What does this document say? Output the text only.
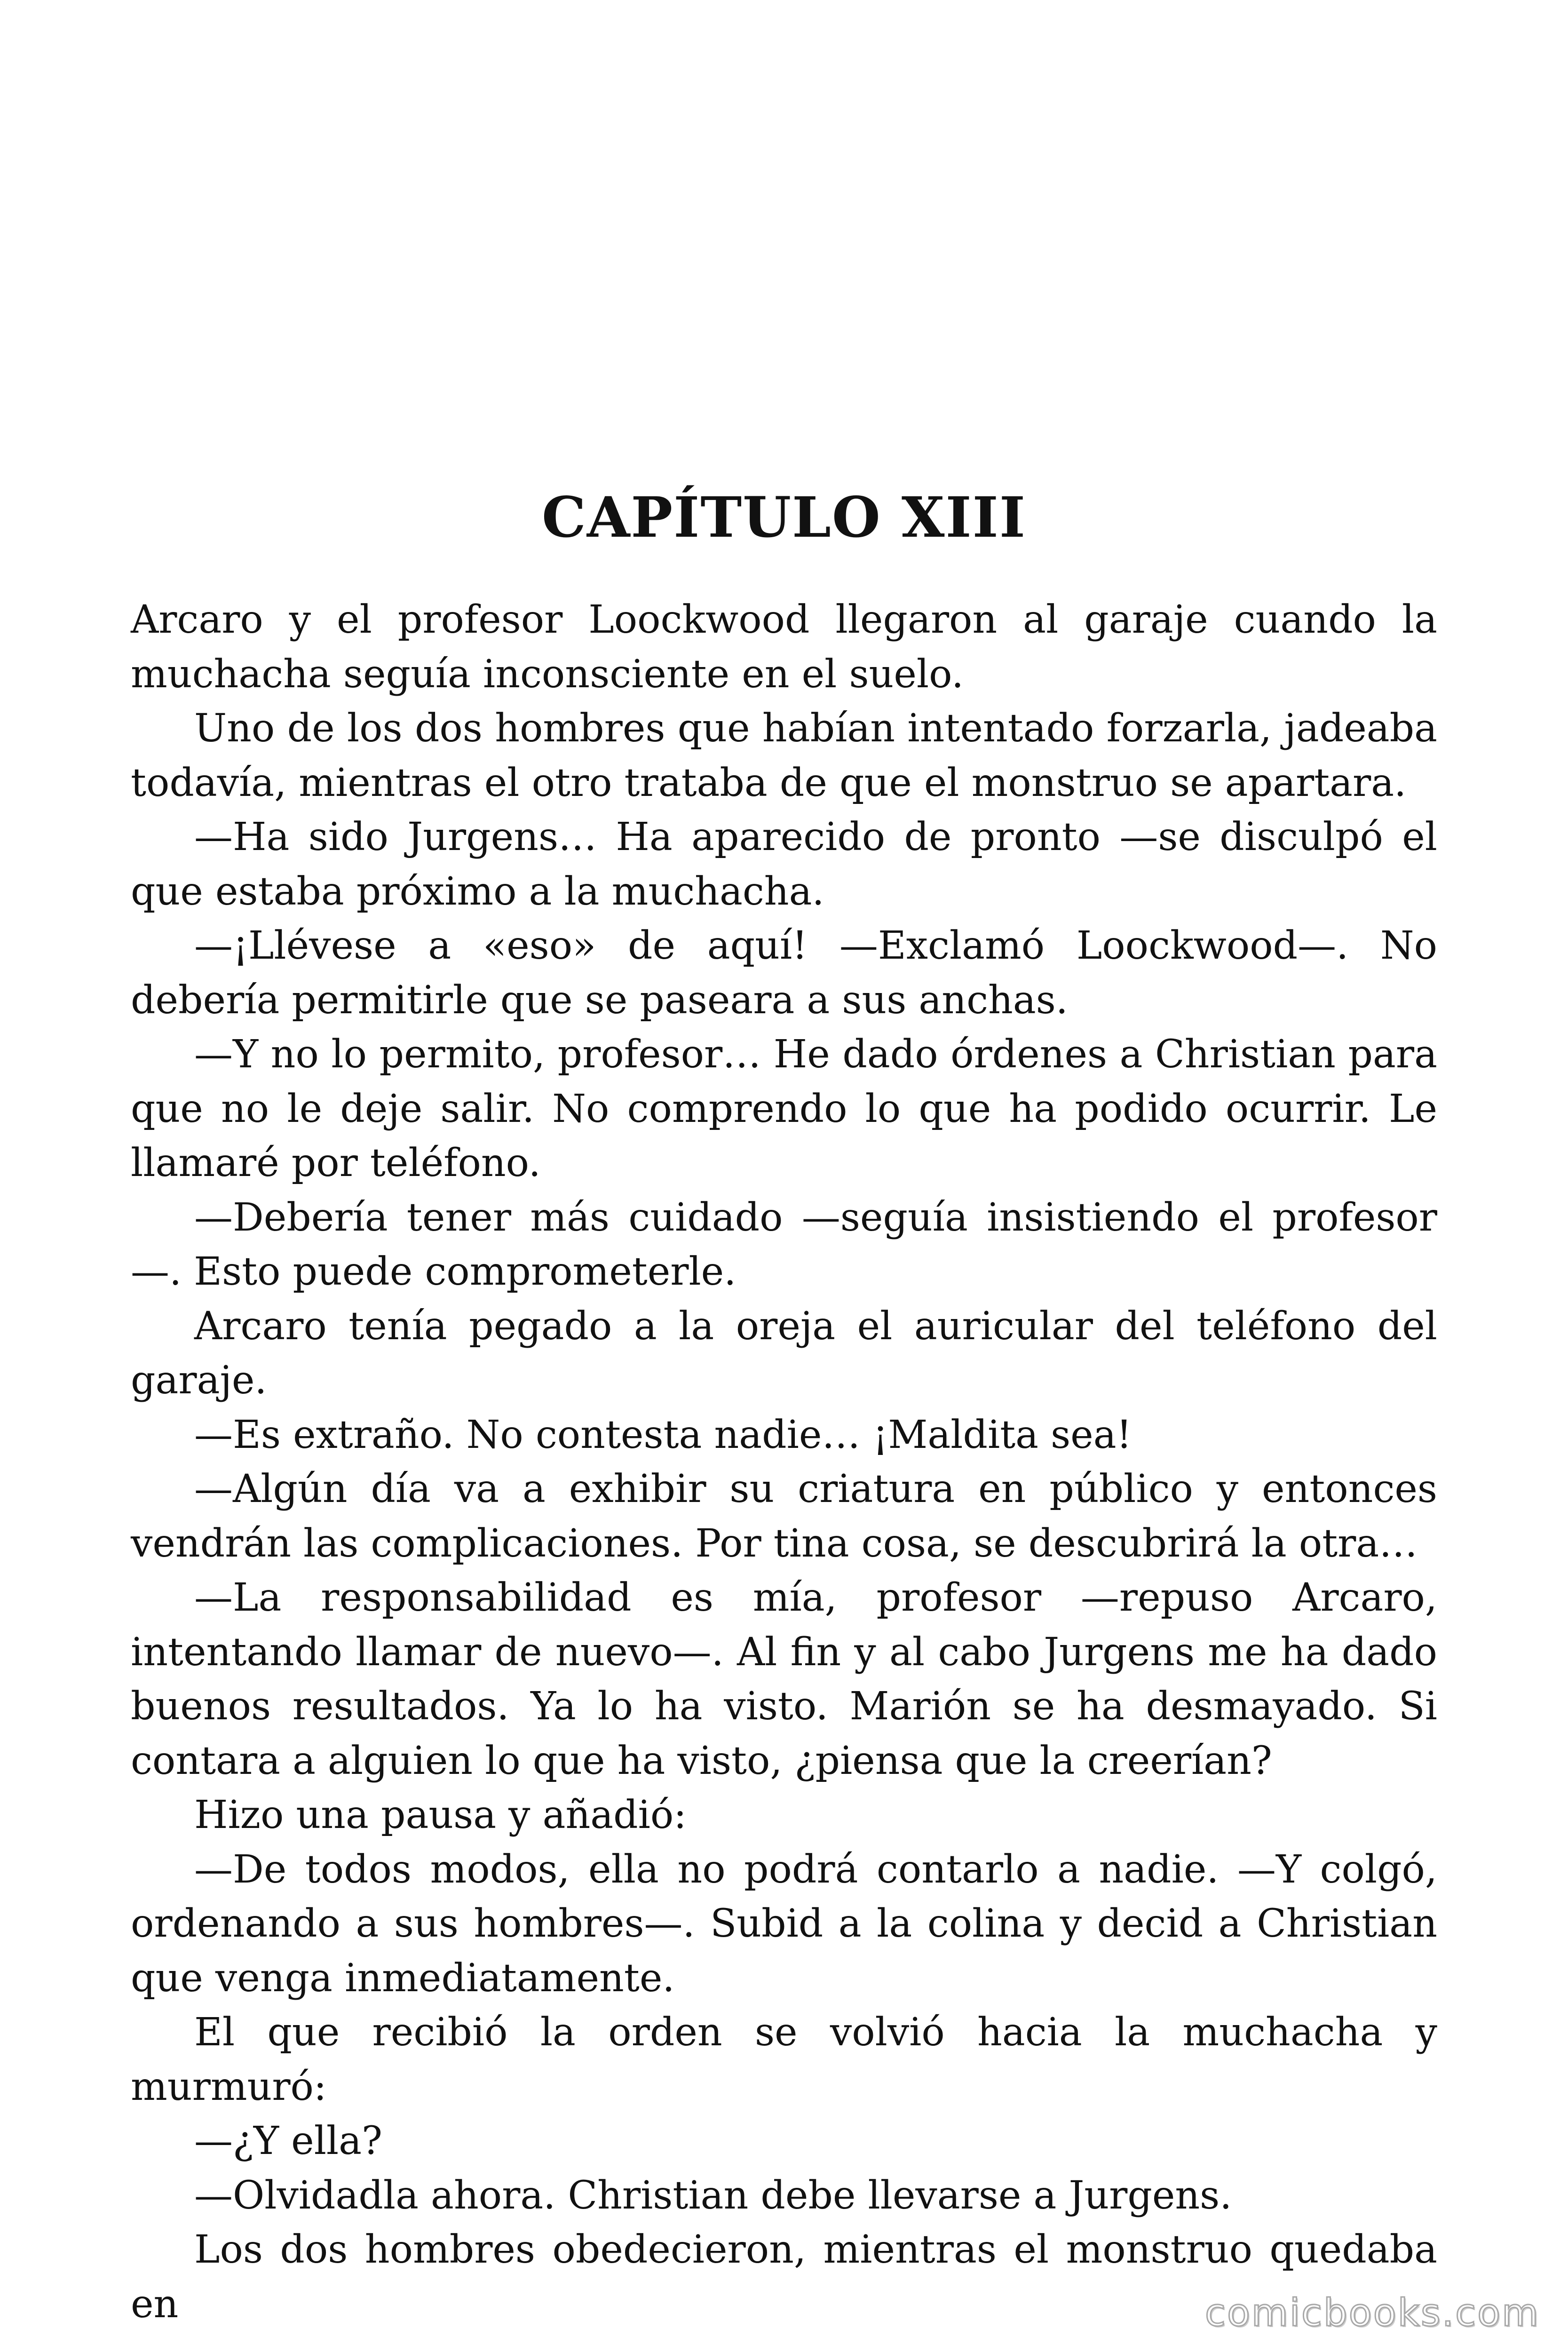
CAPÍTULO XIII

Arcaro y el profesor Loockwood llegaron al garaje cuando la muchacha seguía inconsciente en el suelo.

Uno de los dos hombres que habían intentado forzarla, jadeaba todavía, mientras el otro trataba de que el monstruo se apartara.

—Ha sido Jurgens… Ha aparecido de pronto —se disculpó el que estaba próximo a la muchacha.

—¡Llévese a «eso» de aquí! —Exclamó Loockwood—. No debería permitirle que se paseara a sus anchas.

—Y no lo permito, profesor… He dado órdenes a Christian para que no le deje salir. No comprendo lo que ha podido ocurrir. Le llamaré por teléfono.

—Debería tener más cuidado —seguía insistiendo el profesor—. Esto puede comprometerle.

Arcaro tenía pegado a la oreja el auricular del teléfono del garaje.

—Es extraño. No contesta nadie… ¡Maldita sea!

—Algún día va a exhibir su criatura en público y entonces vendrán las complicaciones. Por tina cosa, se descubrirá la otra…

—La responsabilidad es mía, profesor —repuso Arcaro, intentando llamar de nuevo—. Al fin y al cabo Jurgens me ha dado buenos resultados. Ya lo ha visto. Marión se ha desmayado. Si contara a alguien lo que ha visto, ¿piensa que la creerían?

Hizo una pausa y añadió:

—De todos modos, ella no podrá contarlo a nadie. —Y colgó, ordenando a sus hombres—. Subid a la colina y decid a Christian que venga inmediatamente.

El que recibió la orden se volvió hacia la muchacha y murmuró:

—¿Y ella?

—Olvidadla ahora. Christian debe llevarse a Jurgens.

Los dos hombres obedecieron, mientras el monstruo quedaba en	comicbooks.com
